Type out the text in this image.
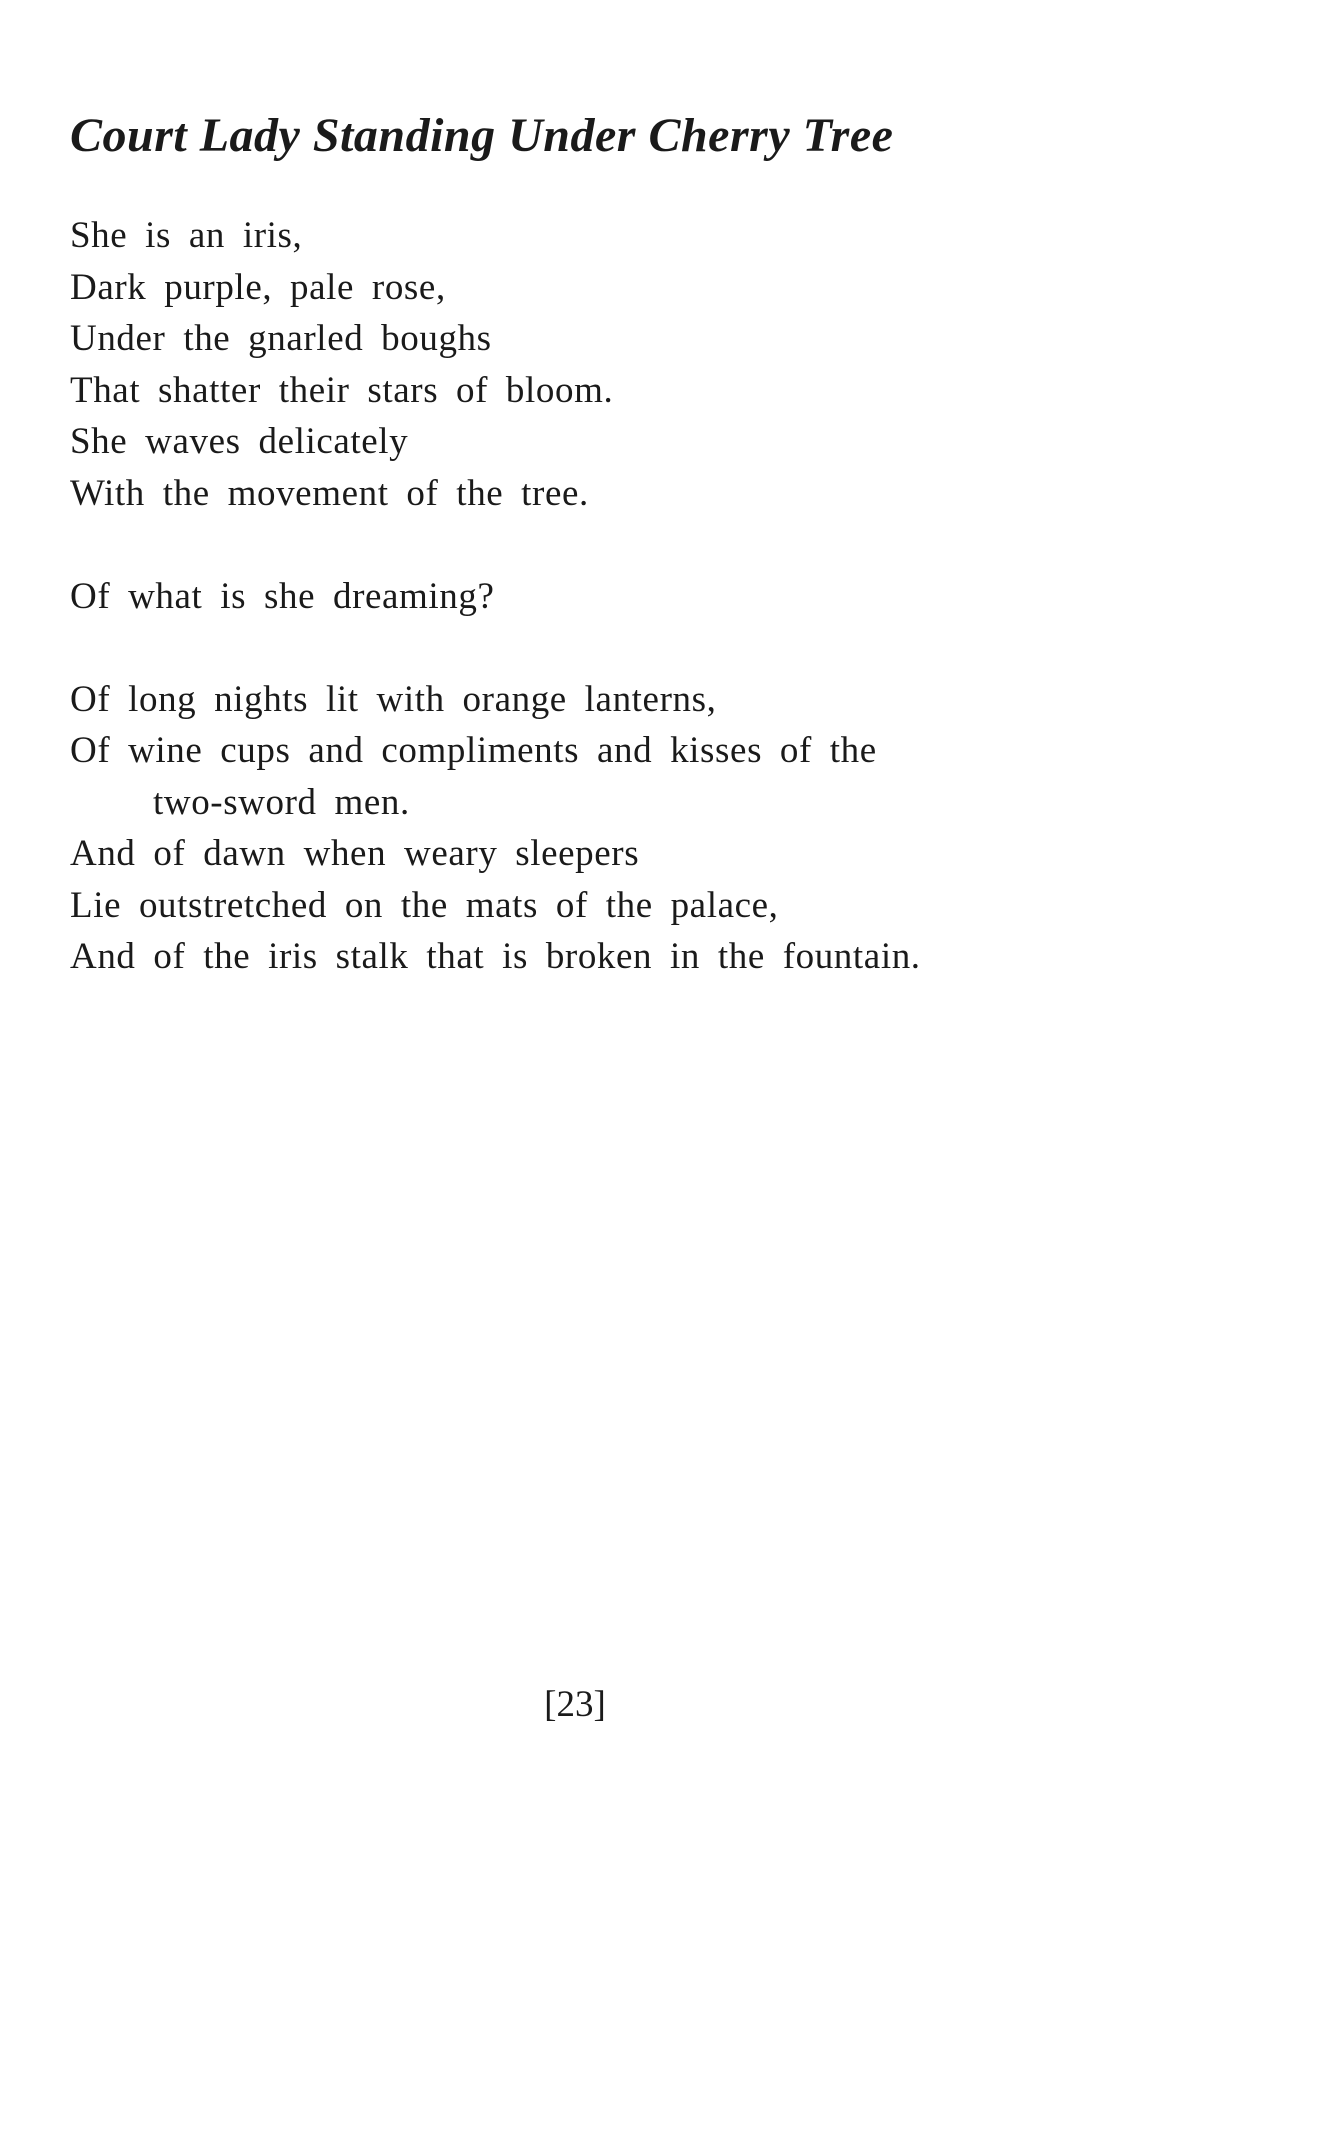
Court Lady Standing Under Cherry Tree

She is an iris,
Dark purple, pale rose,
Under the gnarled boughs
That shatter their stars of bloom.
She waves delicately
With the movement of the tree.

Of what is she dreaming?

Of long nights lit with orange lanterns,
Of wine cups and compliments and kisses of the
two-sword men.
And of dawn when weary sleepers
Lie outstretched on the mats of the palace,
And of the iris stalk that is broken in the fountain.

[23]
